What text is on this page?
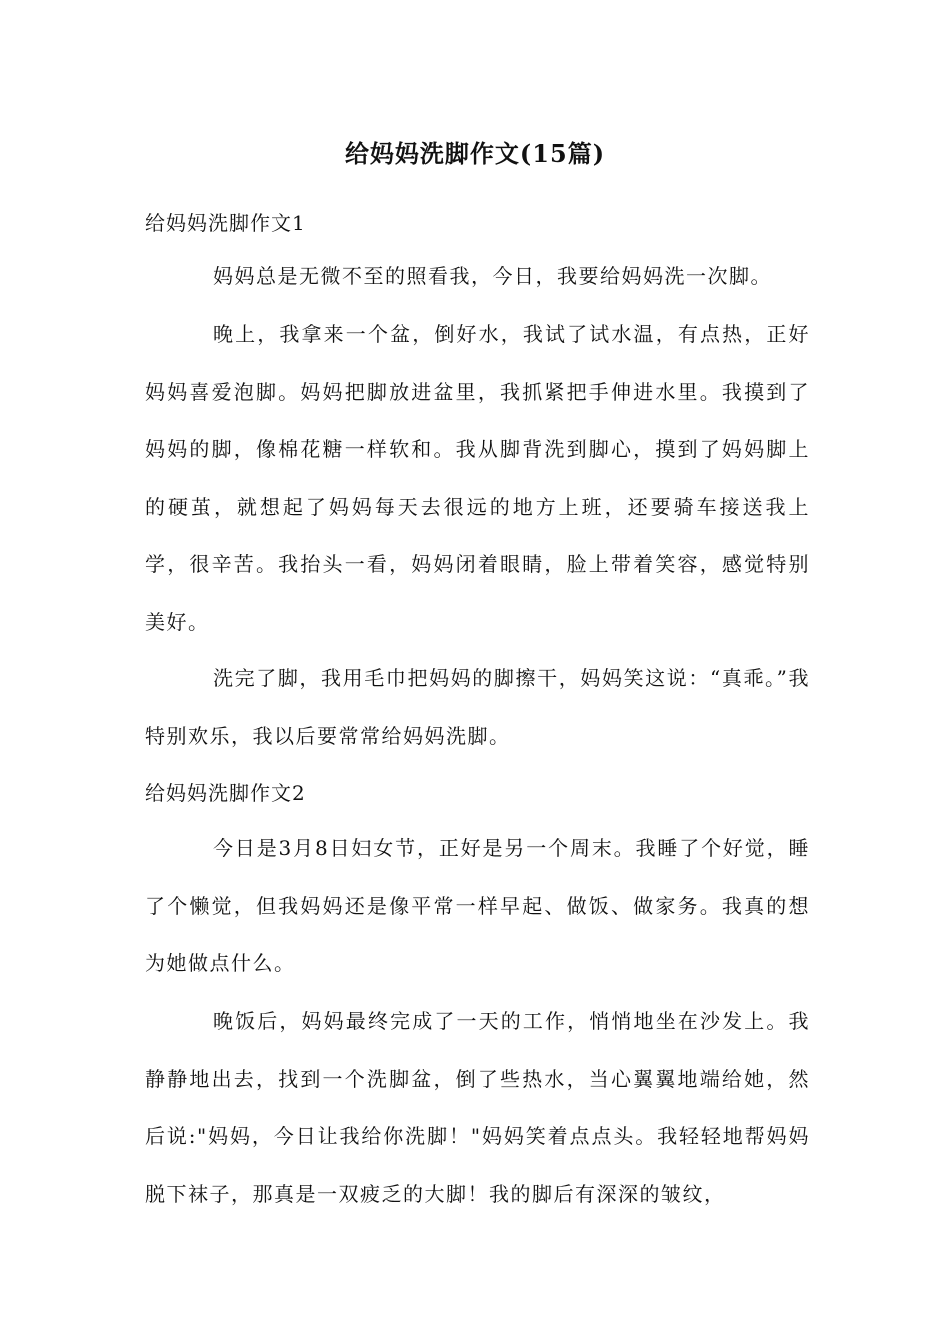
给妈妈洗脚作文(15篇)
给妈妈洗脚作文1

妈妈总是无微不至的照看我，今日，我要给妈妈洗一次脚。

晚上，我拿来一个盆，倒好水，我试了试水温，有点热，正好妈妈喜爱泡脚。妈妈把脚放进盆里，我抓紧把手伸进水里。我摸到了妈妈的脚，像棉花糖一样软和。我从脚背洗到脚心，摸到了妈妈脚上的硬茧，就想起了妈妈每天去很远的地方上班，还要骑车接送我上学，很辛苦。我抬头一看，妈妈闭着眼睛，脸上带着笑容，感觉特别美好。

洗完了脚，我用毛巾把妈妈的脚擦干，妈妈笑这说：“真乖。”我特别欢乐，我以后要常常给妈妈洗脚。

给妈妈洗脚作文2

今日是3月8日妇女节，正好是另一个周末。我睡了个好觉，睡了个懒觉，但我妈妈还是像平常一样早起、做饭、做家务。我真的想为她做点什么。

晚饭后，妈妈最终完成了一天的工作，悄悄地坐在沙发上。我静静地出去，找到一个洗脚盆，倒了些热水，当心翼翼地端给她，然后说:"妈妈，今日让我给你洗脚！"妈妈笑着点点头。我轻轻地帮妈妈脱下袜子，那真是一双疲乏的大脚！我的脚后有深深的皱纹，
